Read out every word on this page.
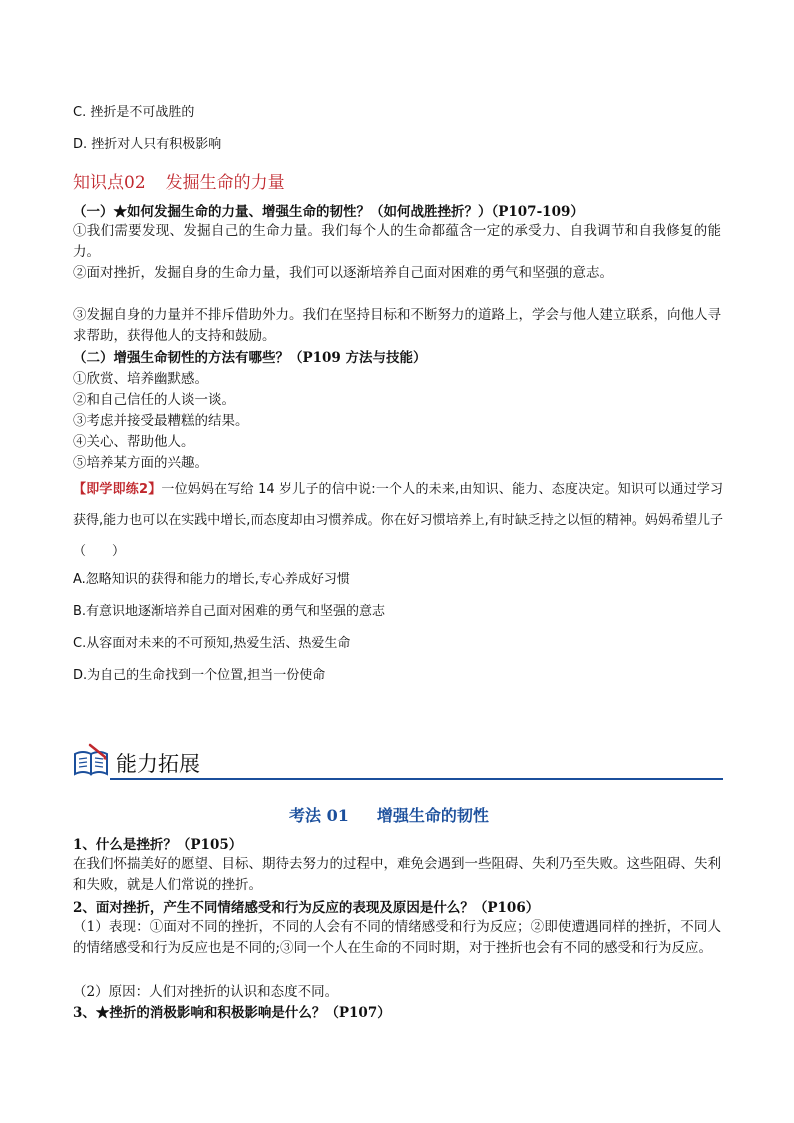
C. 挫折是不可战胜的
D. 挫折对人只有积极影响
知识点02 发掘生命的力量
（一）★如何发掘生命的力量、增强生命的韧性？（如何战胜挫折？）（P107-109）
①我们需要发现、发掘自己的生命力量。我们每个人的生命都蕴含一定的承受力、自我调节和自我修复的能力。
②面对挫折，发掘自身的生命力量，我们可以逐渐培养自己面对困难的勇气和坚强的意志。
③发掘自身的力量并不排斥借助外力。我们在坚持目标和不断努力的道路上，学会与他人建立联系，向他人寻求帮助，获得他人的支持和鼓励。
（二）增强生命韧性的方法有哪些？（P109 方法与技能）
①欣赏、培养幽默感。
②和自己信任的人谈一谈。
③考虑并接受最糟糕的结果。
④关心、帮助他人。
⑤培养某方面的兴趣。
【即学即练2】一位妈妈在写给 14 岁儿子的信中说:一个人的未来,由知识、能力、态度决定。知识可以通过学习获得,能力也可以在实践中增长,而态度却由习惯养成。你在好习惯培养上,有时缺乏持之以恒的精神。妈妈希望儿子　　　　（　　）
A.忽略知识的获得和能力的增长,专心养成好习惯
B.有意识地逐渐培养自己面对困难的勇气和坚强的意志
C.从容面对未来的不可预知,热爱生活、热爱生命
D.为自己的生命找到一个位置,担当一份使命
能力拓展
考法 01 增强生命的韧性
1、什么是挫折？（P105）
在我们怀揣美好的愿望、目标、期待去努力的过程中，难免会遇到一些阻碍、失利乃至失败。这些阻碍、失利和失败，就是人们常说的挫折。
2、面对挫折，产生不同情绪感受和行为反应的表现及原因是什么？（P106）
（1）表现：①面对不同的挫折，不同的人会有不同的情绪感受和行为反应；②即使遭遇同样的挫折，不同人的情绪感受和行为反应也是不同的;③同一个人在生命的不同时期，对于挫折也会有不同的感受和行为反应。
（2）原因：人们对挫折的认识和态度不同。
3、★挫折的消极影响和积极影响是什么？（P107）
